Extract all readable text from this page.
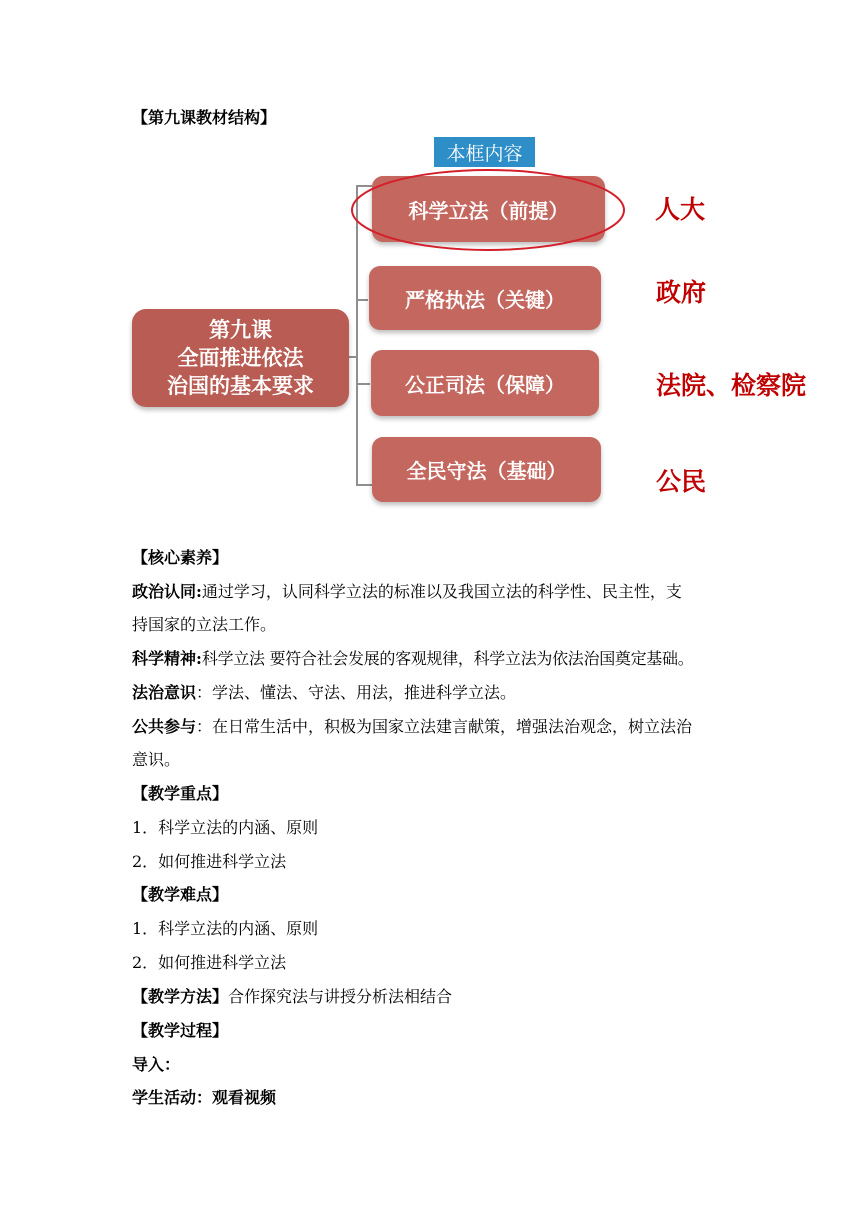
【第九课教材结构】
本框内容
第九课
全面推进依法
治国的基本要求
科学立法（前提）
严格执法（关键）
公正司法（保障）
全民守法（基础）
人大
政府
法院、检察院
公民
【核心素养】
政治认同:通过学习，认同科学立法的标准以及我国立法的科学性、民主性，支
持国家的立法工作。
科学精神:科学立法 要符合社会发展的客观规律，科学立法为依法治国奠定基础。
法治意识：学法、懂法、守法、用法，推进科学立法。
公共参与：在日常生活中，积极为国家立法建言献策，增强法治观念，树立法治
意识。
【教学重点】
1．科学立法的内涵、原则
2．如何推进科学立法
【教学难点】
1．科学立法的内涵、原则
2．如何推进科学立法
【教学方法】合作探究法与讲授分析法相结合
【教学过程】
导入：
学生活动：观看视频
